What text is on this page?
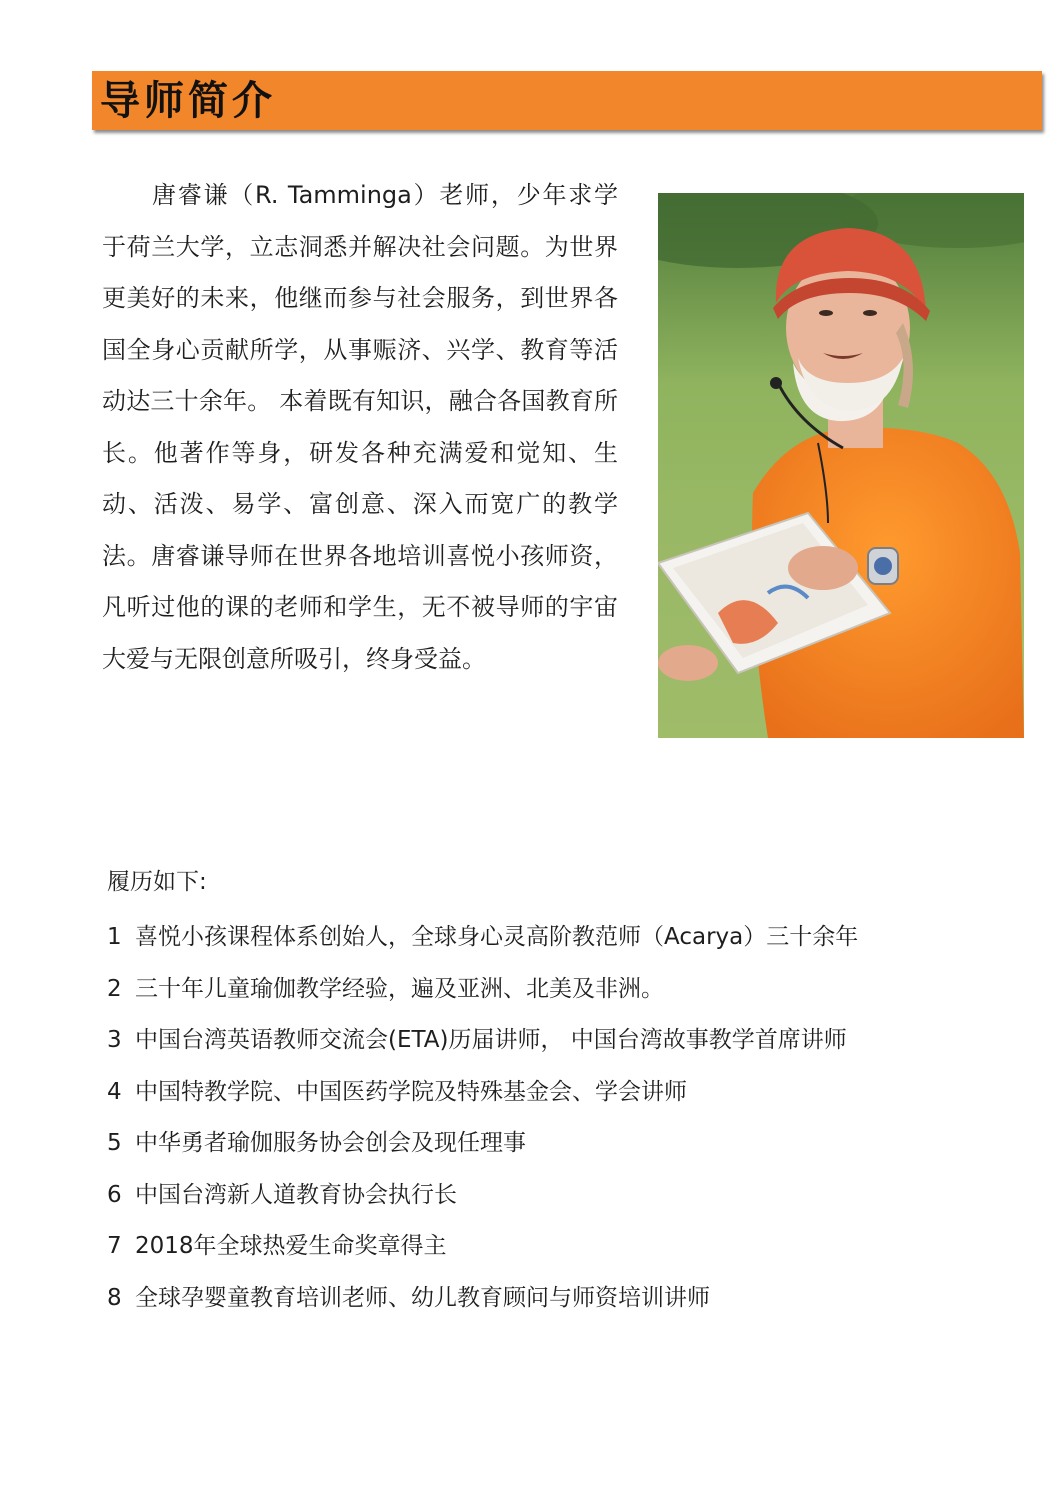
导师简介

唐睿谦（R. Tamminga）老师，少年求学于荷兰大学，立志洞悉并解决社会问题。为世界更美好的未来，他继而参与社会服务，到世界各国全身心贡献所学，从事赈济、兴学、教育等活动达三十余年。 本着既有知识，融合各国教育所长。他著作等身，研发各种充满爱和觉知、生动、活泼、易学、富创意、深入而宽广的教学法。唐睿谦导师在世界各地培训喜悦小孩师资，凡听过他的课的老师和学生，无不被导师的宇宙大爱与无限创意所吸引，终身受益。

履历如下:
1 喜悦小孩课程体系创始人，全球身心灵高阶教范师（Acarya）三十余年
2 三十年儿童瑜伽教学经验，遍及亚洲、北美及非洲。
3 中国台湾英语教师交流会(ETA)历届讲师， 中国台湾故事教学首席讲师
4 中国特教学院、中国医药学院及特殊基金会、学会讲师
5 中华勇者瑜伽服务协会创会及现任理事
6 中国台湾新人道教育协会执行长
7 2018年全球热爱生命奖章得主
8 全球孕婴童教育培训老师、幼儿教育顾问与师资培训讲师
